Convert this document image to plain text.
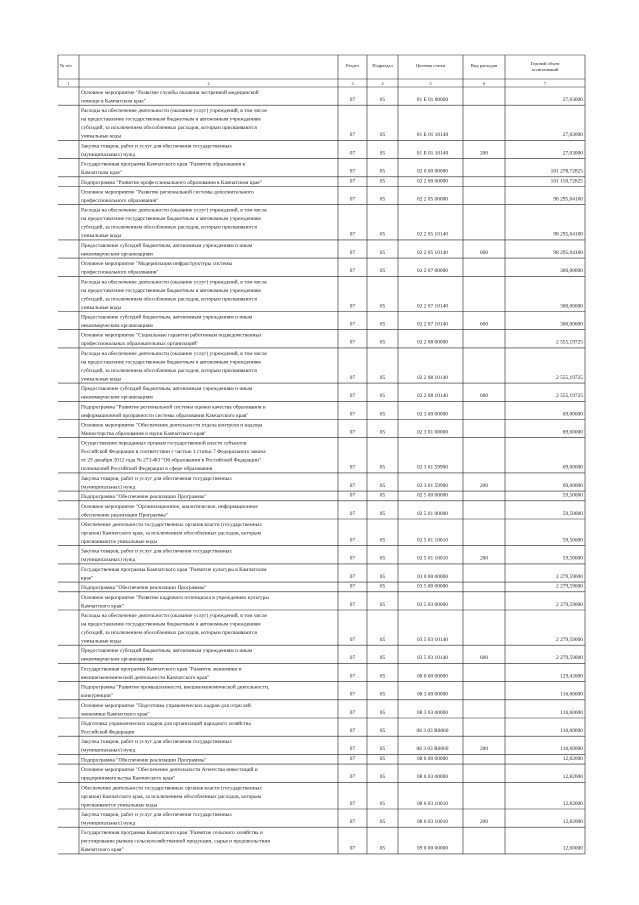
№ п/п	Раздел	Подраздел	Целевая статья	Вид расходов	Годовой объем
ассигнований
1	2	3	4	5	6	7
Основное мероприятие "Развитие службы оказания экстренной медицинской
помощи в Камчатском крае"	07	05	01 Б 01 00000	27,03000
Расходы на обеспечение деятельности (оказание услуг) учреждений, в том числе
на предоставление государственным бюджетным и автономным учреждениям
субсидий, за исключением обособленных расходов, которым присваиваются
уникальные коды	07	05	01 Б 01 10140	27,03000
Закупка товаров, работ и услуг для обеспечения государственных
(муниципальных) нужд	07	05	01 Б 01 10140	200	27,03000
Государственная программа Камчатского края "Развитие образования в
Камчатском крае"	07	05	02 0 00 00000	101 278,72825
Подпрограмма "Развитие профессионального образования в Камчатском крае"	07	05	02 2 00 00000	101 150,72825
Основное мероприятие "Развитие региональной системы дополнительного
профессионального образования"	07	05	02 2 05 00000	98 295,04100
Расходы на обеспечение деятельности (оказание услуг) учреждений, в том числе
на предоставление государственным бюджетным и автономным учреждениям
субсидий, за исключением обособленных расходов, которым присваиваются
уникальные коды	07	05	02 2 05 10140	98 295,04100
Предоставление субсидий бюджетным, автономным учреждениям и иным
некоммерческим организациям	07	05	02 2 05 10140	600	98 295,04100
Основное мероприятие "Модернизация инфраструктуры системы
профессионального образования"	07	05	02 2 07 00000	300,00000
Расходы на обеспечение деятельности (оказание услуг) учреждений, в том числе
на предоставление государственным бюджетным и автономным учреждениям
субсидий, за исключением обособленных расходов, которым присваиваются
уникальные коды	07	05	02 2 07 10140	300,00000
Предоставление субсидий бюджетным, автономным учреждениям и иным
некоммерческим организациям	07	05	02 2 07 10140	600	300,00000
Основное мероприятие "Социальные гарантии работникам подведомственных
профессиональных образовательных организаций"	07	05	02 2 08 00000	2 555,19725
Расходы на обеспечение деятельности (оказание услуг) учреждений, в том числе
на предоставление государственным бюджетным и автономным учреждениям
субсидий, за исключением обособленных расходов, которым присваиваются
уникальные коды	07	05	02 2 08 10140	2 555,19725
Предоставление субсидий бюджетным, автономным учреждениям и иным
некоммерческим организациям	07	05	02 2 08 10140	600	2 555,19725
Подпрограмма "Развитие региональной системы оценки качества образования и
информационной прозрачности системы образования Камчатского края"	07	05	02 3 00 00000	69,00000
Основное мероприятие "Обеспечение деятельности отдела контроля и надзора
Министерства образования и науки Камчатского края"	07	05	02 3 01 00000	69,00000
Осуществление переданных органам государственной власти субъектов
Российской Федерации в соответствии с частью 1 статьи 7 Федерального закона
от 29 декабря 2012 года № 273-ФЗ "Об образовании в Российской Федерации"
полномочий Российской Федерации в сфере образования	07	05	02 3 01 59900	69,00000
Закупка товаров, работ и услуг для обеспечения государственных
(муниципальных) нужд	07	05	02 3 01 59900	200	69,00000
Подпрограмма "Обеспечение реализации Программы"	07	05	02 5 00 00000	59,50000
Основное мероприятие "Организационное, аналитическое, информационное
обеспечение реализации Программы"	07	05	02 5 01 00000	59,50000
Обеспечение деятельности государственных органов власти (государственных
органов) Камчатского края, за исключением обособленных расходов, которым
присваиваются уникальные коды	07	05	02 5 01 10010	59,50000
Закупка товаров, работ и услуг для обеспечения государственных
(муниципальных) нужд	07	05	02 5 01 10010	200	59,50000
Государственная программа Камчатского края "Развитие культуры в Камчатском
крае"	07	05	03 0 00 00000	2 279,59000
Подпрограмма "Обеспечение реализации Программы"	07	05	03 5 00 00000	2 279,59000
Основное мероприятие "Развитие кадрового потенциала в учреждениях культуры
Камчатского края"	07	05	03 5 03 00000	2 279,59000
Расходы на обеспечение деятельности (оказание услуг) учреждений, в том числе
на предоставление государственным бюджетным и автономным учреждениям
субсидий, за исключением обособленных расходов, которым присваиваются
уникальные коды	07	05	03 5 03 10140	2 279,59000
Предоставление субсидий бюджетным, автономным учреждениям и иным
некоммерческим организациям	07	05	03 5 03 10140	600	2 279,59000
Государственная программа Камчатского края "Развитие экономики и
внешнеэкономической деятельности Камчатского края"	07	05	08 0 00 00000	129,42000
Подпрограмма "Развитие промышленности, внешнеэкономической деятельности,
конкуренции"	07	05	08 3 00 00000	116,60000
Основное мероприятие "Подготовка управленческих кадров для отраслей
экономики Камчатского края"	07	05	08 3 03 00000	116,60000
Подготовка управленческих кадров для организаций народного хозяйства
Российской Федерации	07	05	08 3 03 R0660	116,60000
Закупка товаров, работ и услуг для обеспечения государственных
(муниципальных) нужд	07	05	08 3 03 R0660	200	116,60000
Подпрограмма "Обеспечение реализации Программы"	07	05	08 6 00 00000	12,82000
Основное мероприятие "Обеспечение деятельности Агентства инвестиций и
предпринимательства Камчатского края"	07	05	08 6 03 00000	12,82000
Обеспечение деятельности государственных органов власти (государственных
органов) Камчатского края, за исключением обособленных расходов, которым
присваиваются уникальные коды	07	05	08 6 03 10010	12,82000
Закупка товаров, работ и услуг для обеспечения государственных
(муниципальных) нужд	07	05	08 6 03 10010	200	12,82000
Государственная программа Камчатского края "Развитие сельского хозяйства и
регулирование рынков сельскохозяйственной продукции, сырья и продовольствия
Камчатского края"	07	05	09 0 00 00000	12,00000
